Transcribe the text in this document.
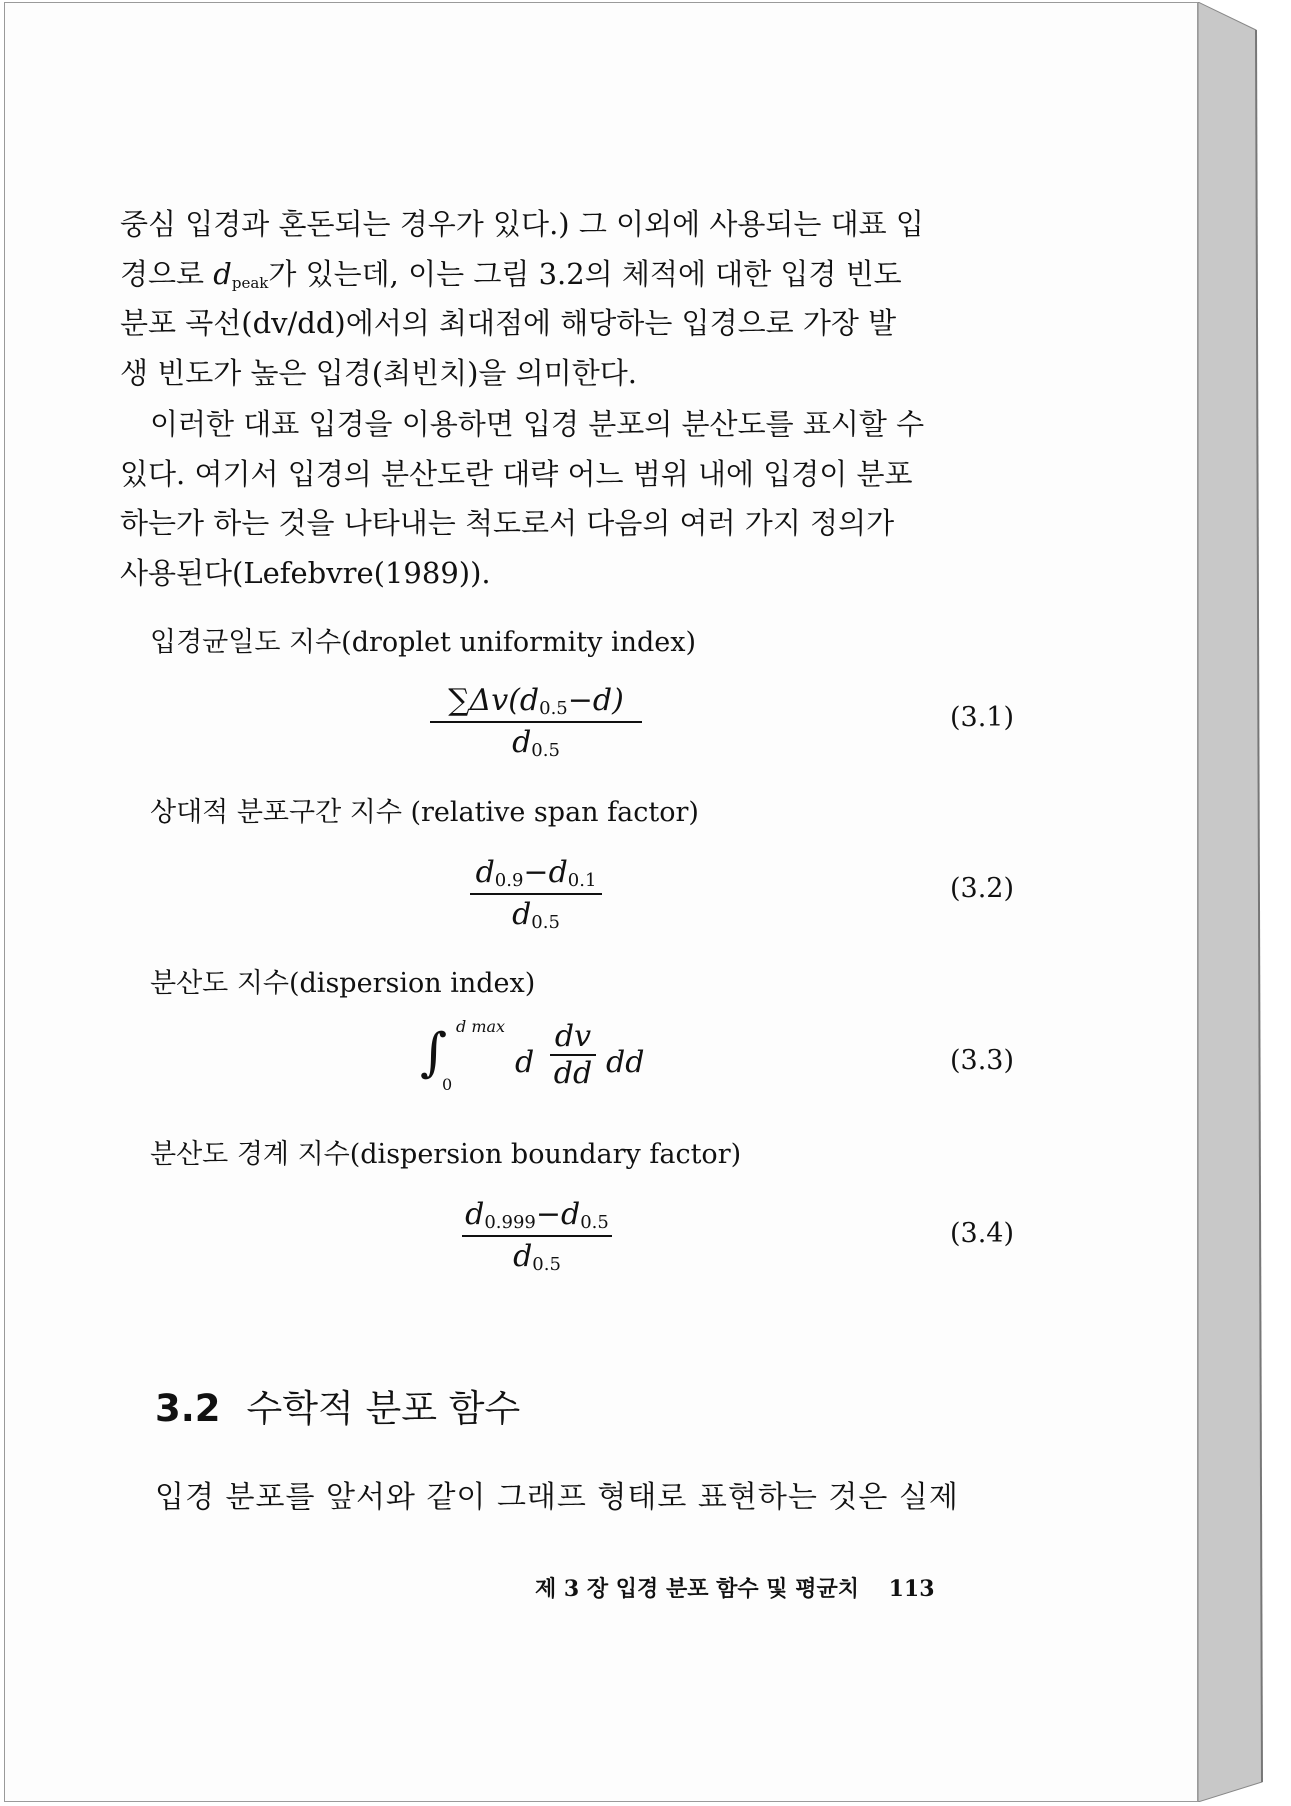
중심 입경과 혼돈되는 경우가 있다.) 그 이외에 사용되는 대표 입
경으로 $d_{peak}$가 있는데, 이는 그림 3.2의 체적에 대한 입경 빈도
분포 곡선(dv/dd)에서의 최대점에 해당하는 입경으로 가장 발
생 빈도가 높은 입경(최빈치)을 의미한다.
이러한 대표 입경을 이용하면 입경 분포의 분산도를 표시할 수
있다. 여기서 입경의 분산도란 대략 어느 범위 내에 입경이 분포
하는가 하는 것을 나타내는 척도로서 다음의 여러 가지 정의가
사용된다(Lefebvre(1989)).
입경균일도 지수(droplet uniformity index)
$\sum\Delta v(d_{0.5}-d)$
$d_{0.5}$
(3.1)
상대적 분포구간 지수 (relative span factor)
$d_{0.9}-d_{0.1}$
$d_{0.5}$
(3.2)
분산도 지수(dispersion index)
∫ d max
0
d
dv
dd dd	(3.3)
분산도 경계 지수(dispersion boundary factor)
$d_{0.999}-d_{0.5}$
$d_{0.5}$
(3.4)
3.2 수학적 분포 함수
입경 분포를 앞서와 같이 그래프 형태로 표현하는 것은 실제
제 3 장 입경 분포 함수 및 평균치 113
